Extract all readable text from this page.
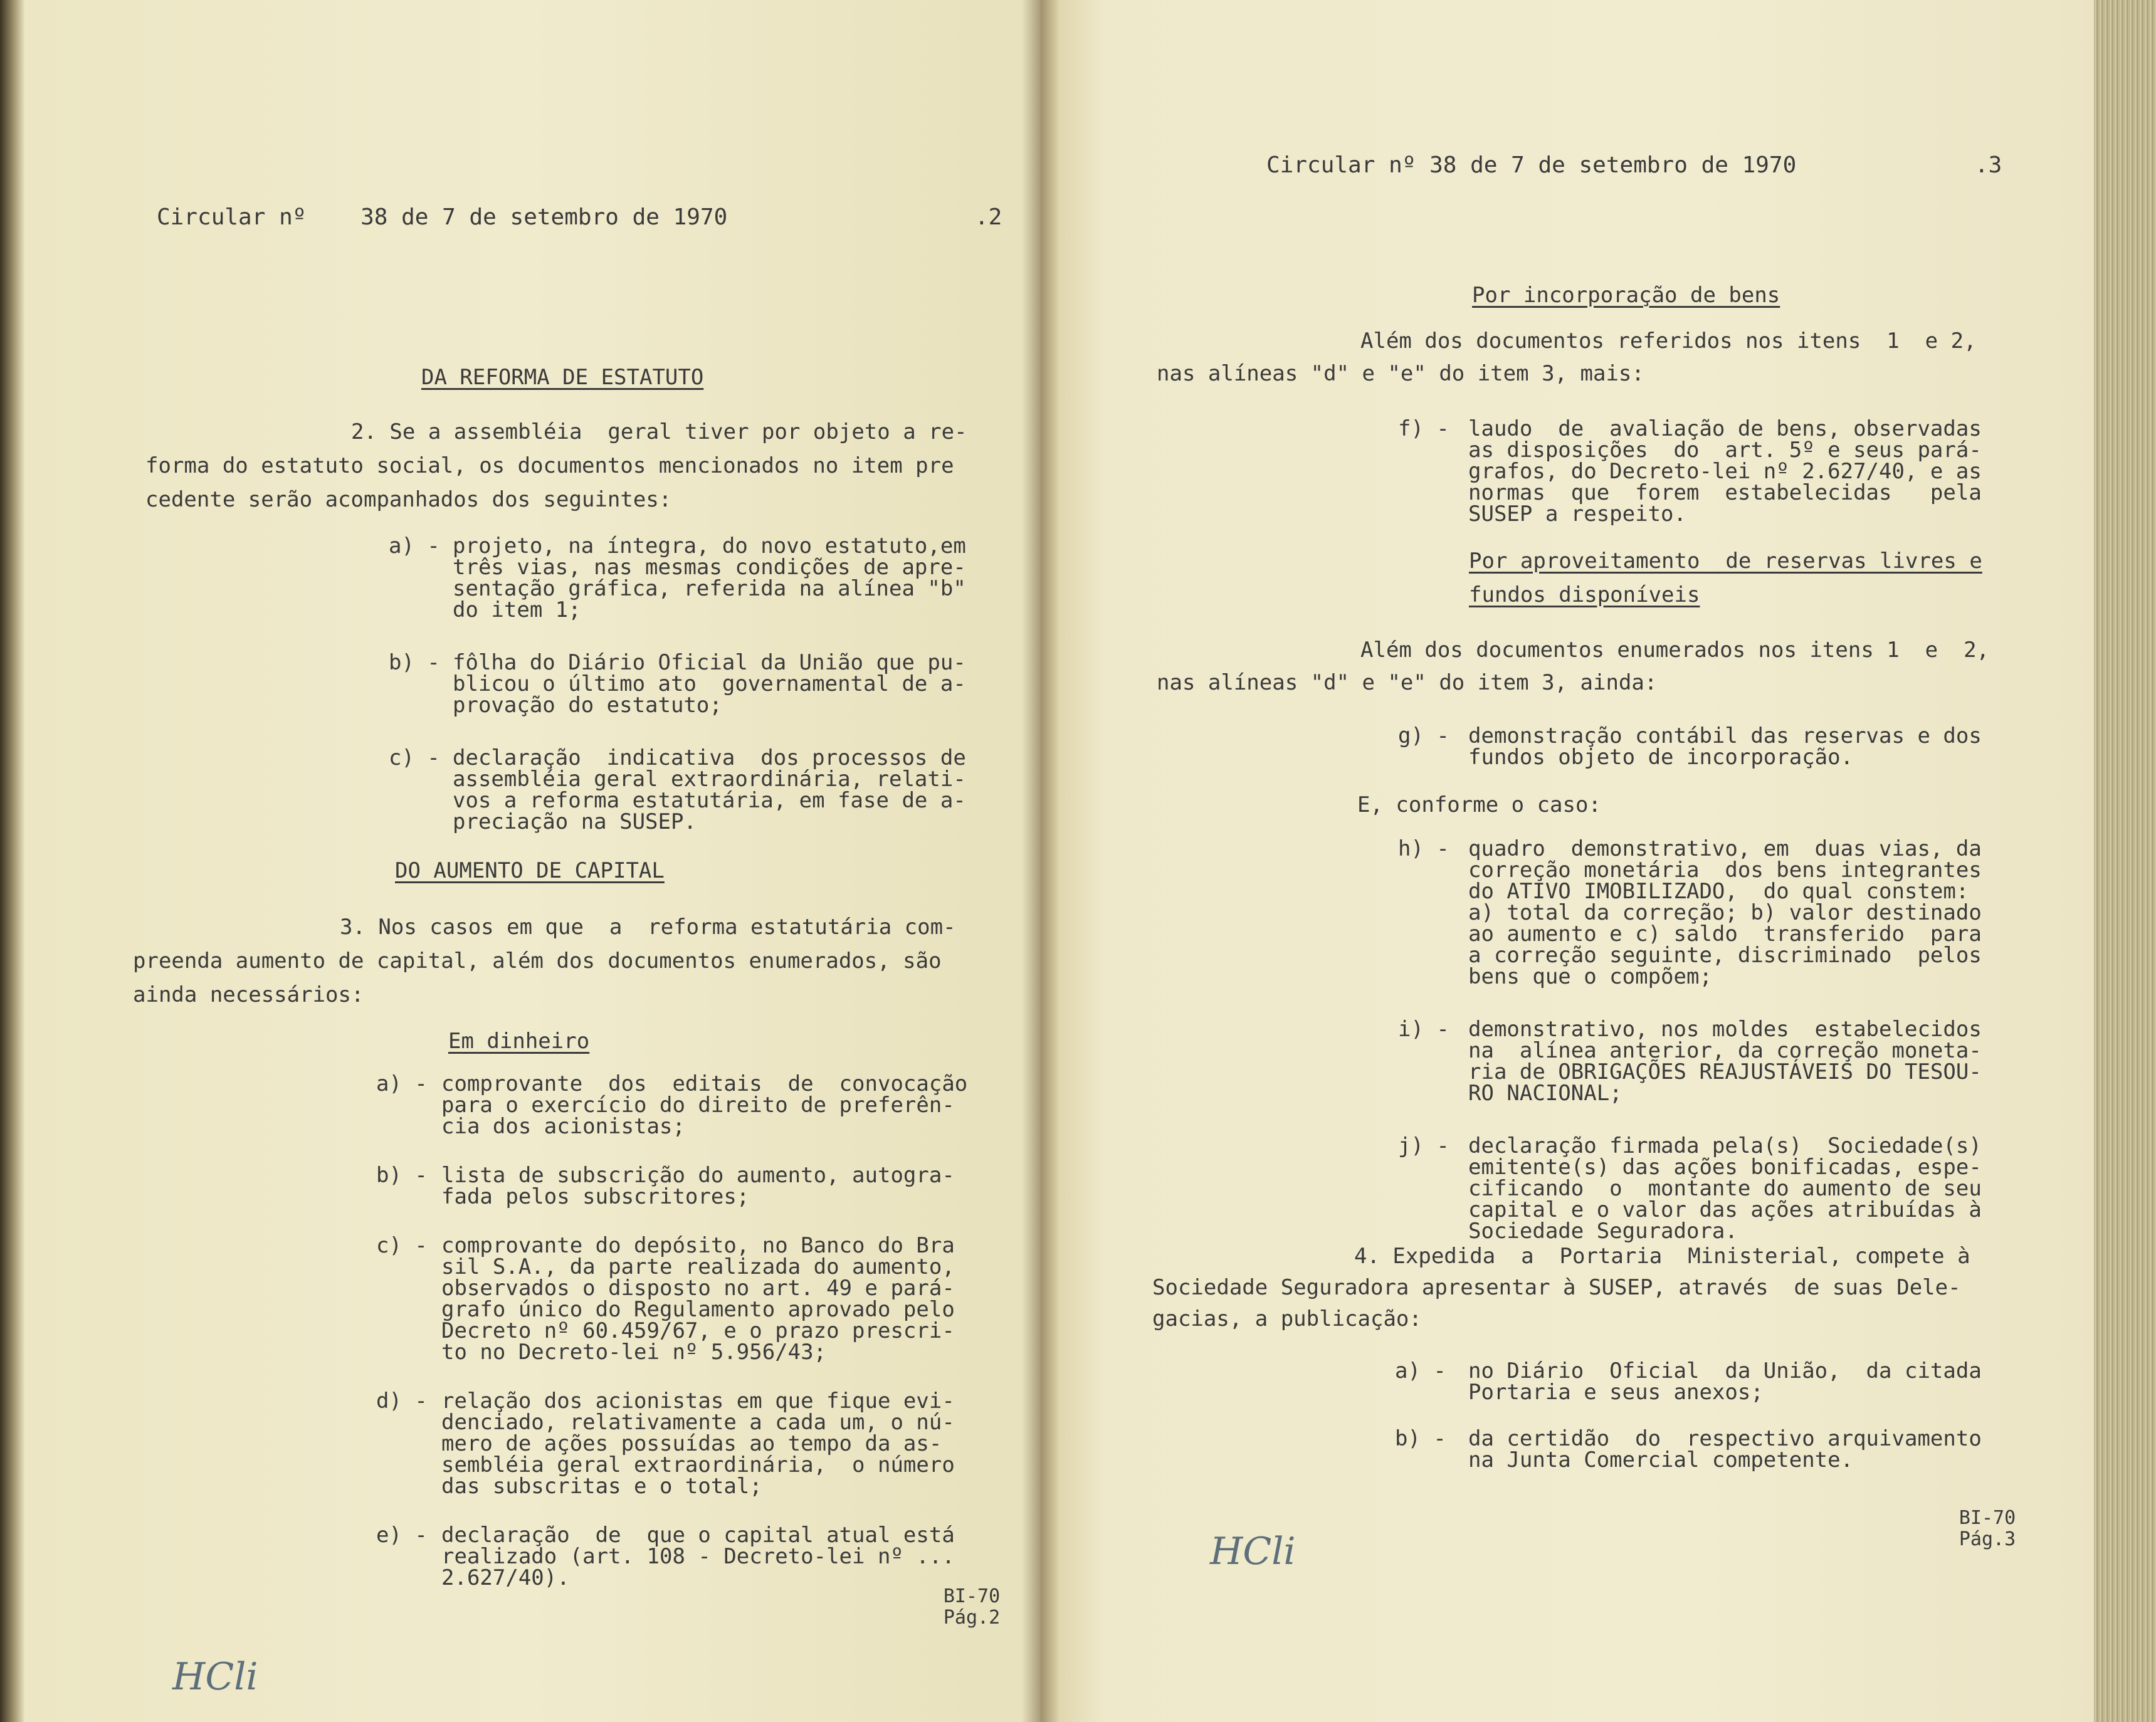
Circular nº    38 de 7 de setembro de 1970	.2
DA REFORMA DE ESTATUTO
2. Se a assembléia  geral tiver por objeto a re-
forma do estatuto social, os documentos mencionados no item pre
cedente serão acompanhados dos seguintes:
a) - projeto, na íntegra, do novo estatuto,em
três vias, nas mesmas condições de apre-
sentação gráfica, referida na alínea "b"
do item 1;
b) - fôlha do Diário Oficial da União que pu-
blicou o último ato  governamental de a-
provação do estatuto;
c) - declaração  indicativa  dos processos de
assembléia geral extraordinária, relati-
vos a reforma estatutária, em fase de a-
preciação na SUSEP.
DO AUMENTO DE CAPITAL
3. Nos casos em que  a  reforma estatutária com-
preenda aumento de capital, além dos documentos enumerados, são
ainda necessários:
Em dinheiro
a) - comprovante  dos  editais  de  convocação
para o exercício do direito de preferên-
cia dos acionistas;
b) - lista de subscrição do aumento, autogra-
fada pelos subscritores;
c) - comprovante do depósito, no Banco do Bra
sil S.A., da parte realizada do aumento,
observados o disposto no art. 49 e pará-
grafo único do Regulamento aprovado pelo
Decreto nº 60.459/67, e o prazo prescri-
to no Decreto-lei nº 5.956/43;
d) - relação dos acionistas em que fique evi-
denciado, relativamente a cada um, o nú-
mero de ações possuídas ao tempo da as-
sembléia geral extraordinária,  o número
das subscritas e o total;
e) - declaração  de  que o capital atual está
realizado (art. 108 - Decreto-lei nº ...
2.627/40).
BI-70
Pág.2
HCli
Circular nº 38 de 7 de setembro de 1970	.3
Por incorporação de bens
Além dos documentos referidos nos itens  1  e 2,
nas alíneas "d" e "e" do item 3, mais:
f) - laudo  de  avaliação de bens, observadas
as disposições  do  art. 5º e seus pará-
grafos, do Decreto-lei nº 2.627/40, e as
normas  que  forem  estabelecidas   pela
SUSEP a respeito.
Por aproveitamento  de reservas livres e
fundos disponíveis
Além dos documentos enumerados nos itens 1  e  2,
nas alíneas "d" e "e" do item 3, ainda:
g) - demonstração contábil das reservas e dos
fundos objeto de incorporação.
E, conforme o caso:
h) - quadro  demonstrativo, em  duas vias, da
correção monetária  dos bens integrantes
do ATIVO IMOBILIZADO,  do qual constem:
a) total da correção; b) valor destinado
ao aumento e c) saldo  transferido  para
a correção seguinte, discriminado  pelos
bens que o compõem;
i) - demonstrativo, nos moldes  estabelecidos
na  alínea anterior, da correção moneta-
ria de OBRIGAÇÕES REAJUSTÁVEIS DO TESOU-
RO NACIONAL;
j) - declaração firmada pela(s)  Sociedade(s)
emitente(s) das ações bonificadas, espe-
cificando  o  montante do aumento de seu
capital e o valor das ações atribuídas à
Sociedade Seguradora.
4. Expedida  a  Portaria  Ministerial, compete à
Sociedade Seguradora apresentar à SUSEP, através  de suas Dele-
gacias, a publicação:
a) - no Diário  Oficial  da União,  da citada
Portaria e seus anexos;
b) - da certidão  do  respectivo arquivamento
na Junta Comercial competente.
BI-70
Pág.3
HCli
